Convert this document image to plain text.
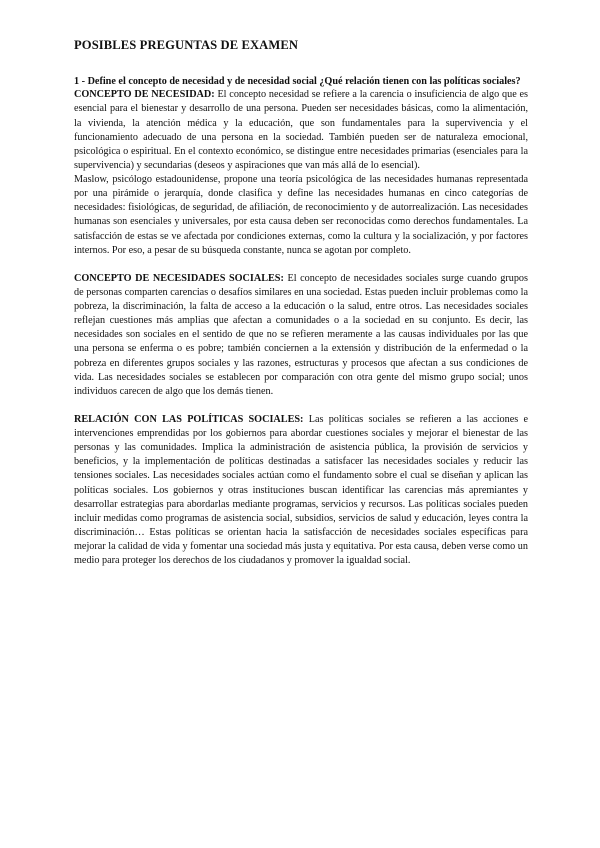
POSIBLES PREGUNTAS DE EXAMEN
1 - Define el concepto de necesidad y de necesidad social ¿Qué relación tienen con las políticas sociales?

CONCEPTO DE NECESIDAD: El concepto necesidad se refiere a la carencia o insuficiencia de algo que es esencial para el bienestar y desarrollo de una persona. Pueden ser necesidades básicas, como la alimentación, la vivienda, la atención médica y la educación, que son fundamentales para la supervivencia y el funcionamiento adecuado de una persona en la sociedad. También pueden ser de naturaleza emocional, psicológica o espiritual. En el contexto económico, se distingue entre necesidades primarias (esenciales para la supervivencia) y secundarias (deseos y aspiraciones que van más allá de lo esencial).

Maslow, psicólogo estadounidense, propone una teoría psicológica de las necesidades humanas representada por una pirámide o jerarquía, donde clasifica y define las necesidades humanas en cinco categorías de necesidades: fisiológicas, de seguridad, de afiliación, de reconocimiento y de autorrealización. Las necesidades humanas son esenciales y universales, por esta causa deben ser reconocidas como derechos fundamentales. La satisfacción de estas se ve afectada por condiciones externas, como la cultura y la socialización, y por factores internos. Por eso, a pesar de su búsqueda constante, nunca se agotan por completo.

CONCEPTO DE NECESIDADES SOCIALES: El concepto de necesidades sociales surge cuando grupos de personas comparten carencias o desafíos similares en una sociedad. Estas pueden incluir problemas como la pobreza, la discriminación, la falta de acceso a la educación o la salud, entre otros. Las necesidades sociales reflejan cuestiones más amplias que afectan a comunidades o a la sociedad en su conjunto. Es decir, las necesidades son sociales en el sentido de que no se refieren meramente a las causas individuales por las que una persona se enferma o es pobre; también conciernen a la extensión y distribución de la enfermedad o la pobreza en diferentes grupos sociales y las razones, estructuras y procesos que afectan a sus condiciones de vida. Las necesidades sociales se establecen por comparación con otra gente del mismo grupo social; unos individuos carecen de algo que los demás tienen.

RELACIÓN CON LAS POLÍTICAS SOCIALES: Las políticas sociales se refieren a las acciones e intervenciones emprendidas por los gobiernos para abordar cuestiones sociales y mejorar el bienestar de las personas y las comunidades. Implica la administración de asistencia pública, la provisión de servicios y beneficios, y la implementación de políticas destinadas a satisfacer las necesidades sociales y reducir las tensiones sociales. Las necesidades sociales actúan como el fundamento sobre el cual se diseñan y aplican las políticas sociales. Los gobiernos y otras instituciones buscan identificar las carencias más apremiantes y desarrollar estrategias para abordarlas mediante programas, servicios y recursos. Las políticas sociales pueden incluir medidas como programas de asistencia social, subsidios, servicios de salud y educación, leyes contra la discriminación… Estas políticas se orientan hacia la satisfacción de necesidades sociales específicas para mejorar la calidad de vida y fomentar una sociedad más justa y equitativa. Por esta causa, deben verse como un medio para proteger los derechos de los ciudadanos y promover la igualdad social.
